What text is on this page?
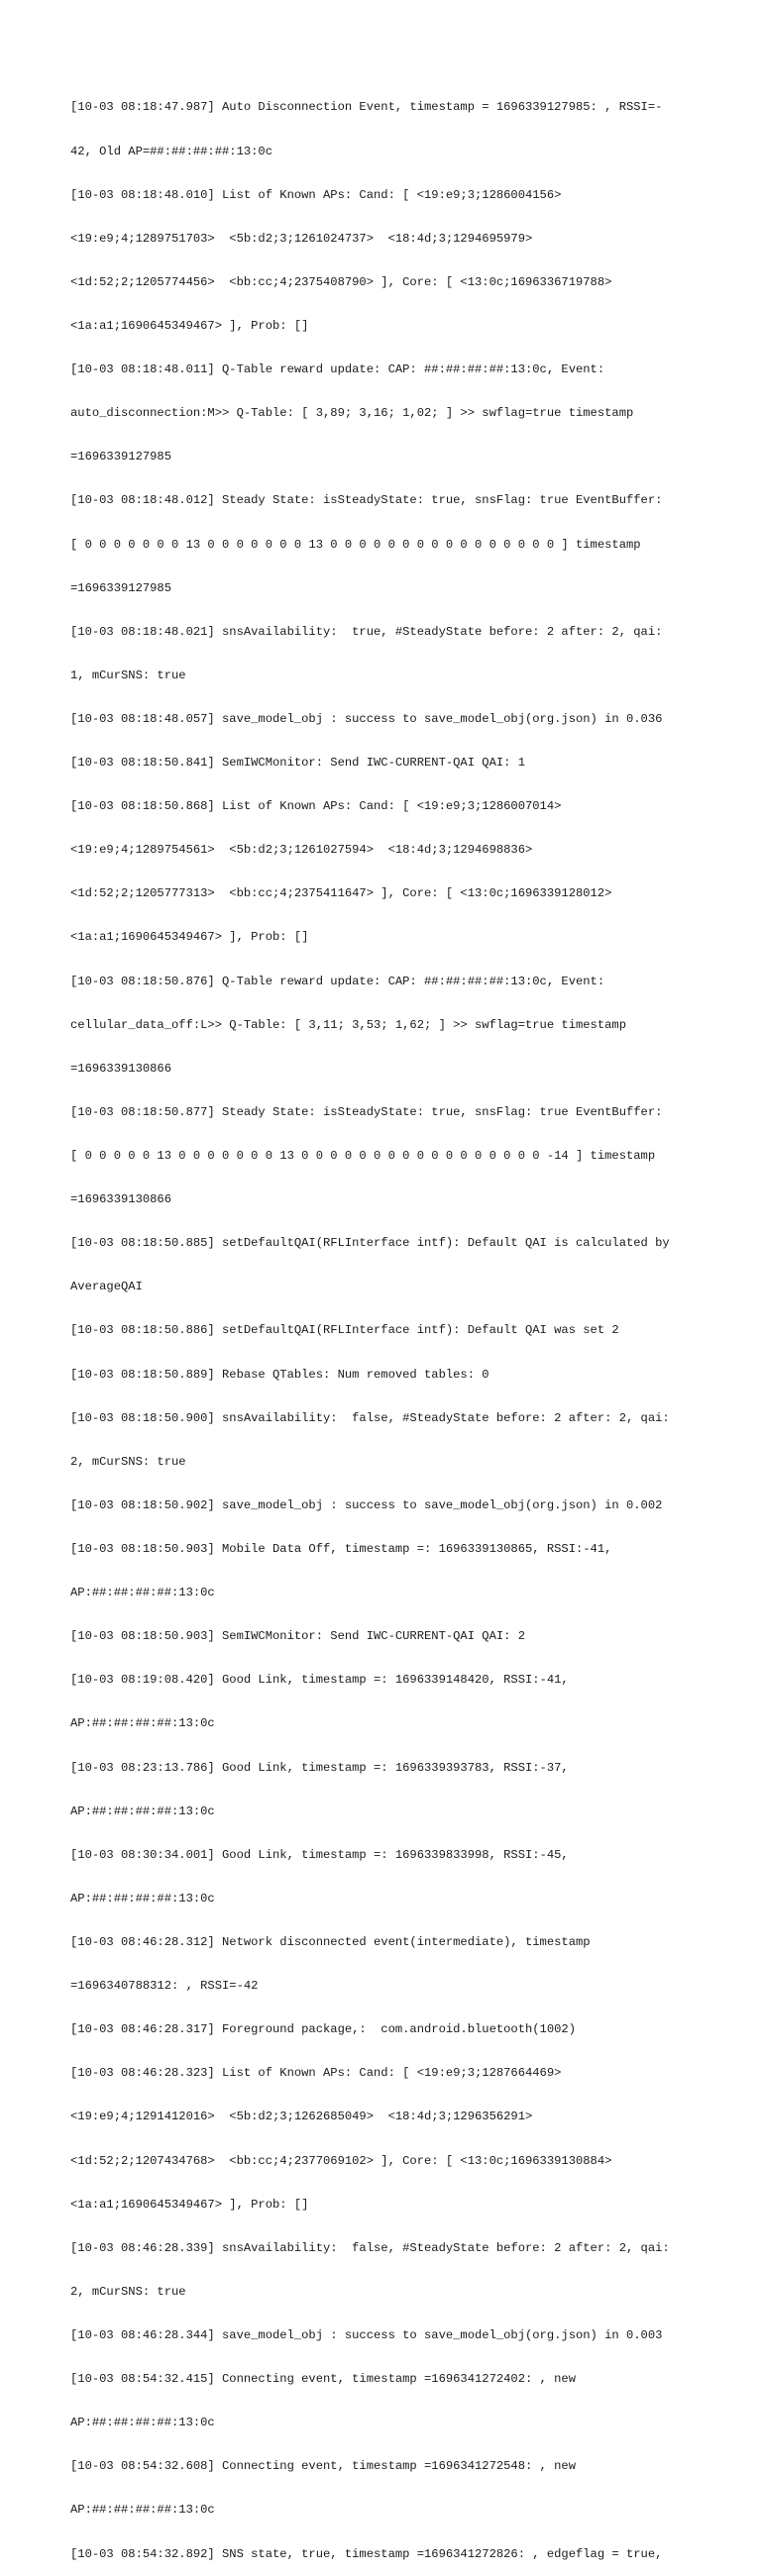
[10-03 08:18:47.987] Auto Disconnection Event, timestamp = 1696339127985: , RSSI=-

42, Old AP=##:##:##:##:13:0c

[10-03 08:18:48.010] List of Known APs: Cand: [ <19:e9;3;1286004156>

<19:e9;4;1289751703>  <5b:d2;3;1261024737>  <18:4d;3;1294695979>

<1d:52;2;1205774456>  <bb:cc;4;2375408790> ], Core: [ <13:0c;1696336719788>

<1a:a1;1690645349467> ], Prob: []

[10-03 08:18:48.011] Q-Table reward update: CAP: ##:##:##:##:13:0c, Event:

auto_disconnection:M>> Q-Table: [ 3,89; 3,16; 1,02; ] >> swflag=true timestamp

=1696339127985

[10-03 08:18:48.012] Steady State: isSteadyState: true, snsFlag: true EventBuffer:

[ 0 0 0 0 0 0 0 13 0 0 0 0 0 0 0 13 0 0 0 0 0 0 0 0 0 0 0 0 0 0 0 0 ] timestamp

=1696339127985

[10-03 08:18:48.021] snsAvailability:  true, #SteadyState before: 2 after: 2, qai:

1, mCurSNS: true

[10-03 08:18:48.057] save_model_obj : success to save_model_obj(org.json) in 0.036

[10-03 08:18:50.841] SemIWCMonitor: Send IWC-CURRENT-QAI QAI: 1

[10-03 08:18:50.868] List of Known APs: Cand: [ <19:e9;3;1286007014>

<19:e9;4;1289754561>  <5b:d2;3;1261027594>  <18:4d;3;1294698836>

<1d:52;2;1205777313>  <bb:cc;4;2375411647> ], Core: [ <13:0c;1696339128012>

<1a:a1;1690645349467> ], Prob: []

[10-03 08:18:50.876] Q-Table reward update: CAP: ##:##:##:##:13:0c, Event:

cellular_data_off:L>> Q-Table: [ 3,11; 3,53; 1,62; ] >> swflag=true timestamp

=1696339130866

[10-03 08:18:50.877] Steady State: isSteadyState: true, snsFlag: true EventBuffer:

[ 0 0 0 0 0 13 0 0 0 0 0 0 0 13 0 0 0 0 0 0 0 0 0 0 0 0 0 0 0 0 0 -14 ] timestamp

=1696339130866

[10-03 08:18:50.885] setDefaultQAI(RFLInterface intf): Default QAI is calculated by

AverageQAI

[10-03 08:18:50.886] setDefaultQAI(RFLInterface intf): Default QAI was set 2

[10-03 08:18:50.889] Rebase QTables: Num removed tables: 0

[10-03 08:18:50.900] snsAvailability:  false, #SteadyState before: 2 after: 2, qai:

2, mCurSNS: true

[10-03 08:18:50.902] save_model_obj : success to save_model_obj(org.json) in 0.002

[10-03 08:18:50.903] Mobile Data Off, timestamp =: 1696339130865, RSSI:-41,

AP:##:##:##:##:13:0c

[10-03 08:18:50.903] SemIWCMonitor: Send IWC-CURRENT-QAI QAI: 2

[10-03 08:19:08.420] Good Link, timestamp =: 1696339148420, RSSI:-41,

AP:##:##:##:##:13:0c

[10-03 08:23:13.786] Good Link, timestamp =: 1696339393783, RSSI:-37,

AP:##:##:##:##:13:0c

[10-03 08:30:34.001] Good Link, timestamp =: 1696339833998, RSSI:-45,

AP:##:##:##:##:13:0c

[10-03 08:46:28.312] Network disconnected event(intermediate), timestamp

=1696340788312: , RSSI=-42

[10-03 08:46:28.317] Foreground package,:  com.android.bluetooth(1002)

[10-03 08:46:28.323] List of Known APs: Cand: [ <19:e9;3;1287664469>

<19:e9;4;1291412016>  <5b:d2;3;1262685049>  <18:4d;3;1296356291>

<1d:52;2;1207434768>  <bb:cc;4;2377069102> ], Core: [ <13:0c;1696339130884>

<1a:a1;1690645349467> ], Prob: []

[10-03 08:46:28.339] snsAvailability:  false, #SteadyState before: 2 after: 2, qai:

2, mCurSNS: true

[10-03 08:46:28.344] save_model_obj : success to save_model_obj(org.json) in 0.003

[10-03 08:54:32.415] Connecting event, timestamp =1696341272402: , new

AP:##:##:##:##:13:0c

[10-03 08:54:32.608] Connecting event, timestamp =1696341272548: , new

AP:##:##:##:##:13:0c

[10-03 08:54:32.892] SNS state, true, timestamp =1696341272826: , edgeflag = true,
